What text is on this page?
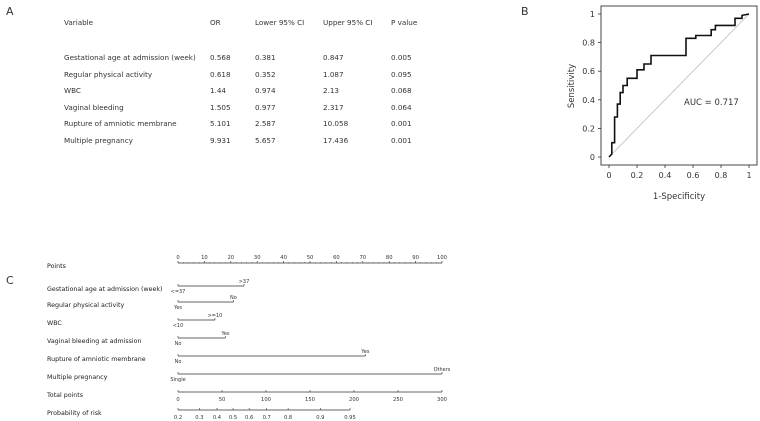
A	B
C
Variable	OR	Lower 95% CI	Upper 95% CI	P value
Gestational age at admission (week) 0.568	0.381	0.847	0.005
Regular physical activity	0.618	0.352	1.087	0.095
WBC	1.44	0.974	2.13	0.068
Vaginal bleeding	1.505	0.977	2.317	0.064
Rupture of amniotic membrane	5.101	2.587	10.058	0.001
Multiple pregnancy	9.931	5.657	17.436	0.001
0 0.2 0.4 0.6 0.8 1
0
0.2
0.4
0.6
0.8
1
AUC = 0.717
1-Specificity
Sensitivity
Points
0	10	20	30	40	50	60	70	80	90	100
Gestational age at admission (week)
>37
<=37
Regular physical activity
No
Yes
WBC
>=10
<10
Vaginal bleeding at admission
Yes
No
Rupture of amniotic membrane
Yes
No
Multiple pregnancy
Others
Single
Total points
0	50	100	150	200	250	300
Probability of risk
0.2	0.3 0.4 0.5 0.6 0.7	0.8	0.9	0.95
